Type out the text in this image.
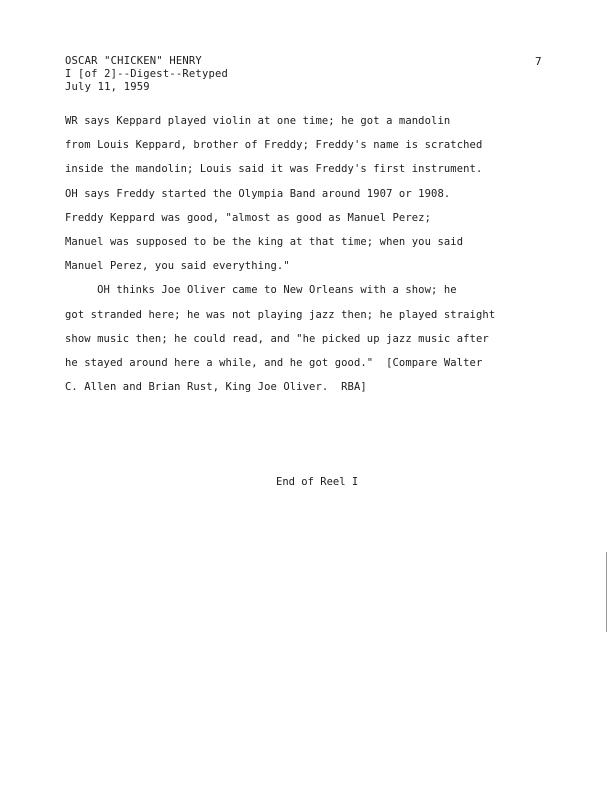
OSCAR "CHICKEN" HENRY
I [of 2]--Digest--Retyped
July 11, 1959
7
WR says Keppard played violin at one time; he got a mandolin
from Louis Keppard, brother of Freddy; Freddy's name is scratched
inside the mandolin; Louis said it was Freddy's first instrument.
OH says Freddy started the Olympia Band around 1907 or 1908.
Freddy Keppard was good, "almost as good as Manuel Perez;
Manuel was supposed to be the king at that time; when you said
Manuel Perez, you said everything."
OH thinks Joe Oliver came to New Orleans with a show; he
got stranded here; he was not playing jazz then; he played straight
show music then; he could read, and "he picked up jazz music after
he stayed around here a while, and he got good."  [Compare Walter
C. Allen and Brian Rust, King Joe Oliver.  RBA]
End of Reel I
